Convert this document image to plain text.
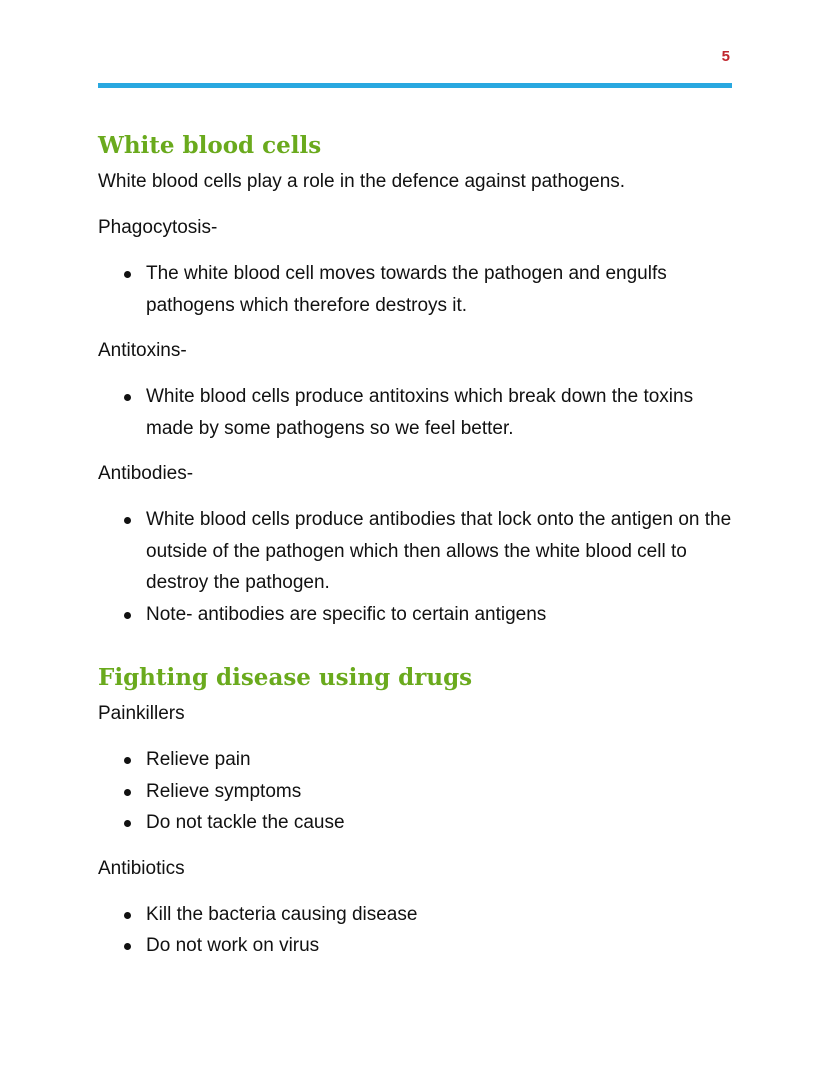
5
White blood cells

White blood cells play a role in the defence against pathogens.

Phagocytosis-

The white blood cell moves towards the pathogen and engulfs pathogens which therefore destroys it.

Antitoxins-

White blood cells produce antitoxins which break down the toxins made by some pathogens so we feel better.

Antibodies-

White blood cells produce antibodies that lock onto the antigen on the outside of the pathogen which then allows the white blood cell to destroy the pathogen.
Note- antibodies are specific to certain antigens
Fighting disease using drugs

Painkillers

Relieve pain
Relieve symptoms
Do not tackle the cause

Antibiotics

Kill the bacteria causing disease
Do not work on virus
